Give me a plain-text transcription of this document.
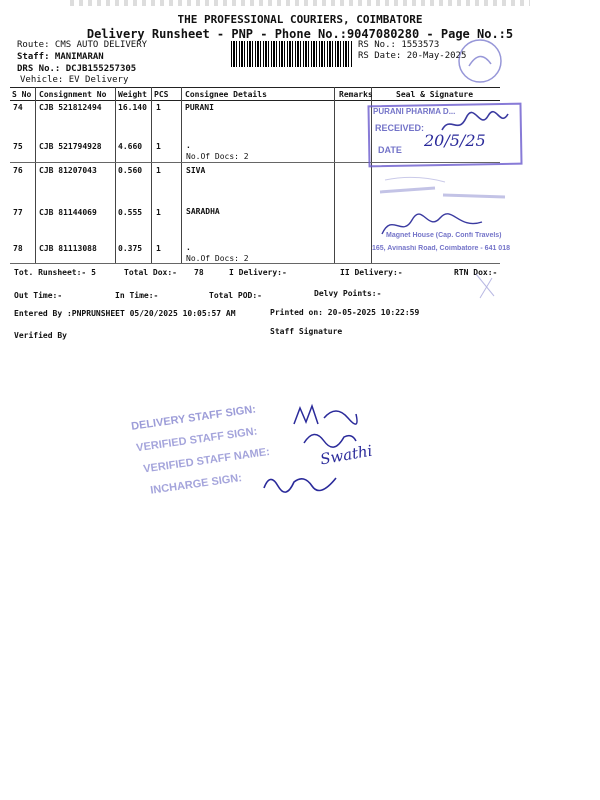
THE PROFESSIONAL COURIERS, COIMBATORE
Delivery Runsheet - PNP - Phone No.:9047080280 - Page No.:5
Route: CMS AUTO DELIVERY
Staff: MANIMARAN
DRS No.: DCJB155257305
Vehicle: EV Delivery
RS No.: 1553573
RS Date: 20-May-2025
S No Consignment No Weight PCS Consignee Details	Remarks	Seal & Signature
74 CJB 521812494 16.140 1	PURANI
75 CJB 521794928 4.660 1	.
No.Of Docs: 2
76 CJB 81207043	0.560 1	SIVA
77 CJB 81144069	0.555 1	SARADHA
78 CJB 81113088	0.375 1	.
No.Of Docs: 2
Tot. Runsheet:- 5	Total Dox:- 78	I Delivery:-	II Delivery:-	RTN Dox:-
Out Time:-	In Time:-	Total POD:-	Delvy Points:-
Entered By :PNPRUNSHEET 05/20/2025 10:05:57 AM	Printed on: 20-05-2025 10:22:59
Verified By	Staff Signature
PURANI PHARMA D...
RECEIVED:
DATE 20/5/25
Magnet House (Cap. Confi Travels)
165, Avinashi Road, Coimbatore - 641 018
DELIVERY STAFF SIGN:
VERIFIED STAFF SIGN:
VERIFIED STAFF NAME:
INCHARGE SIGN:
Swathi
